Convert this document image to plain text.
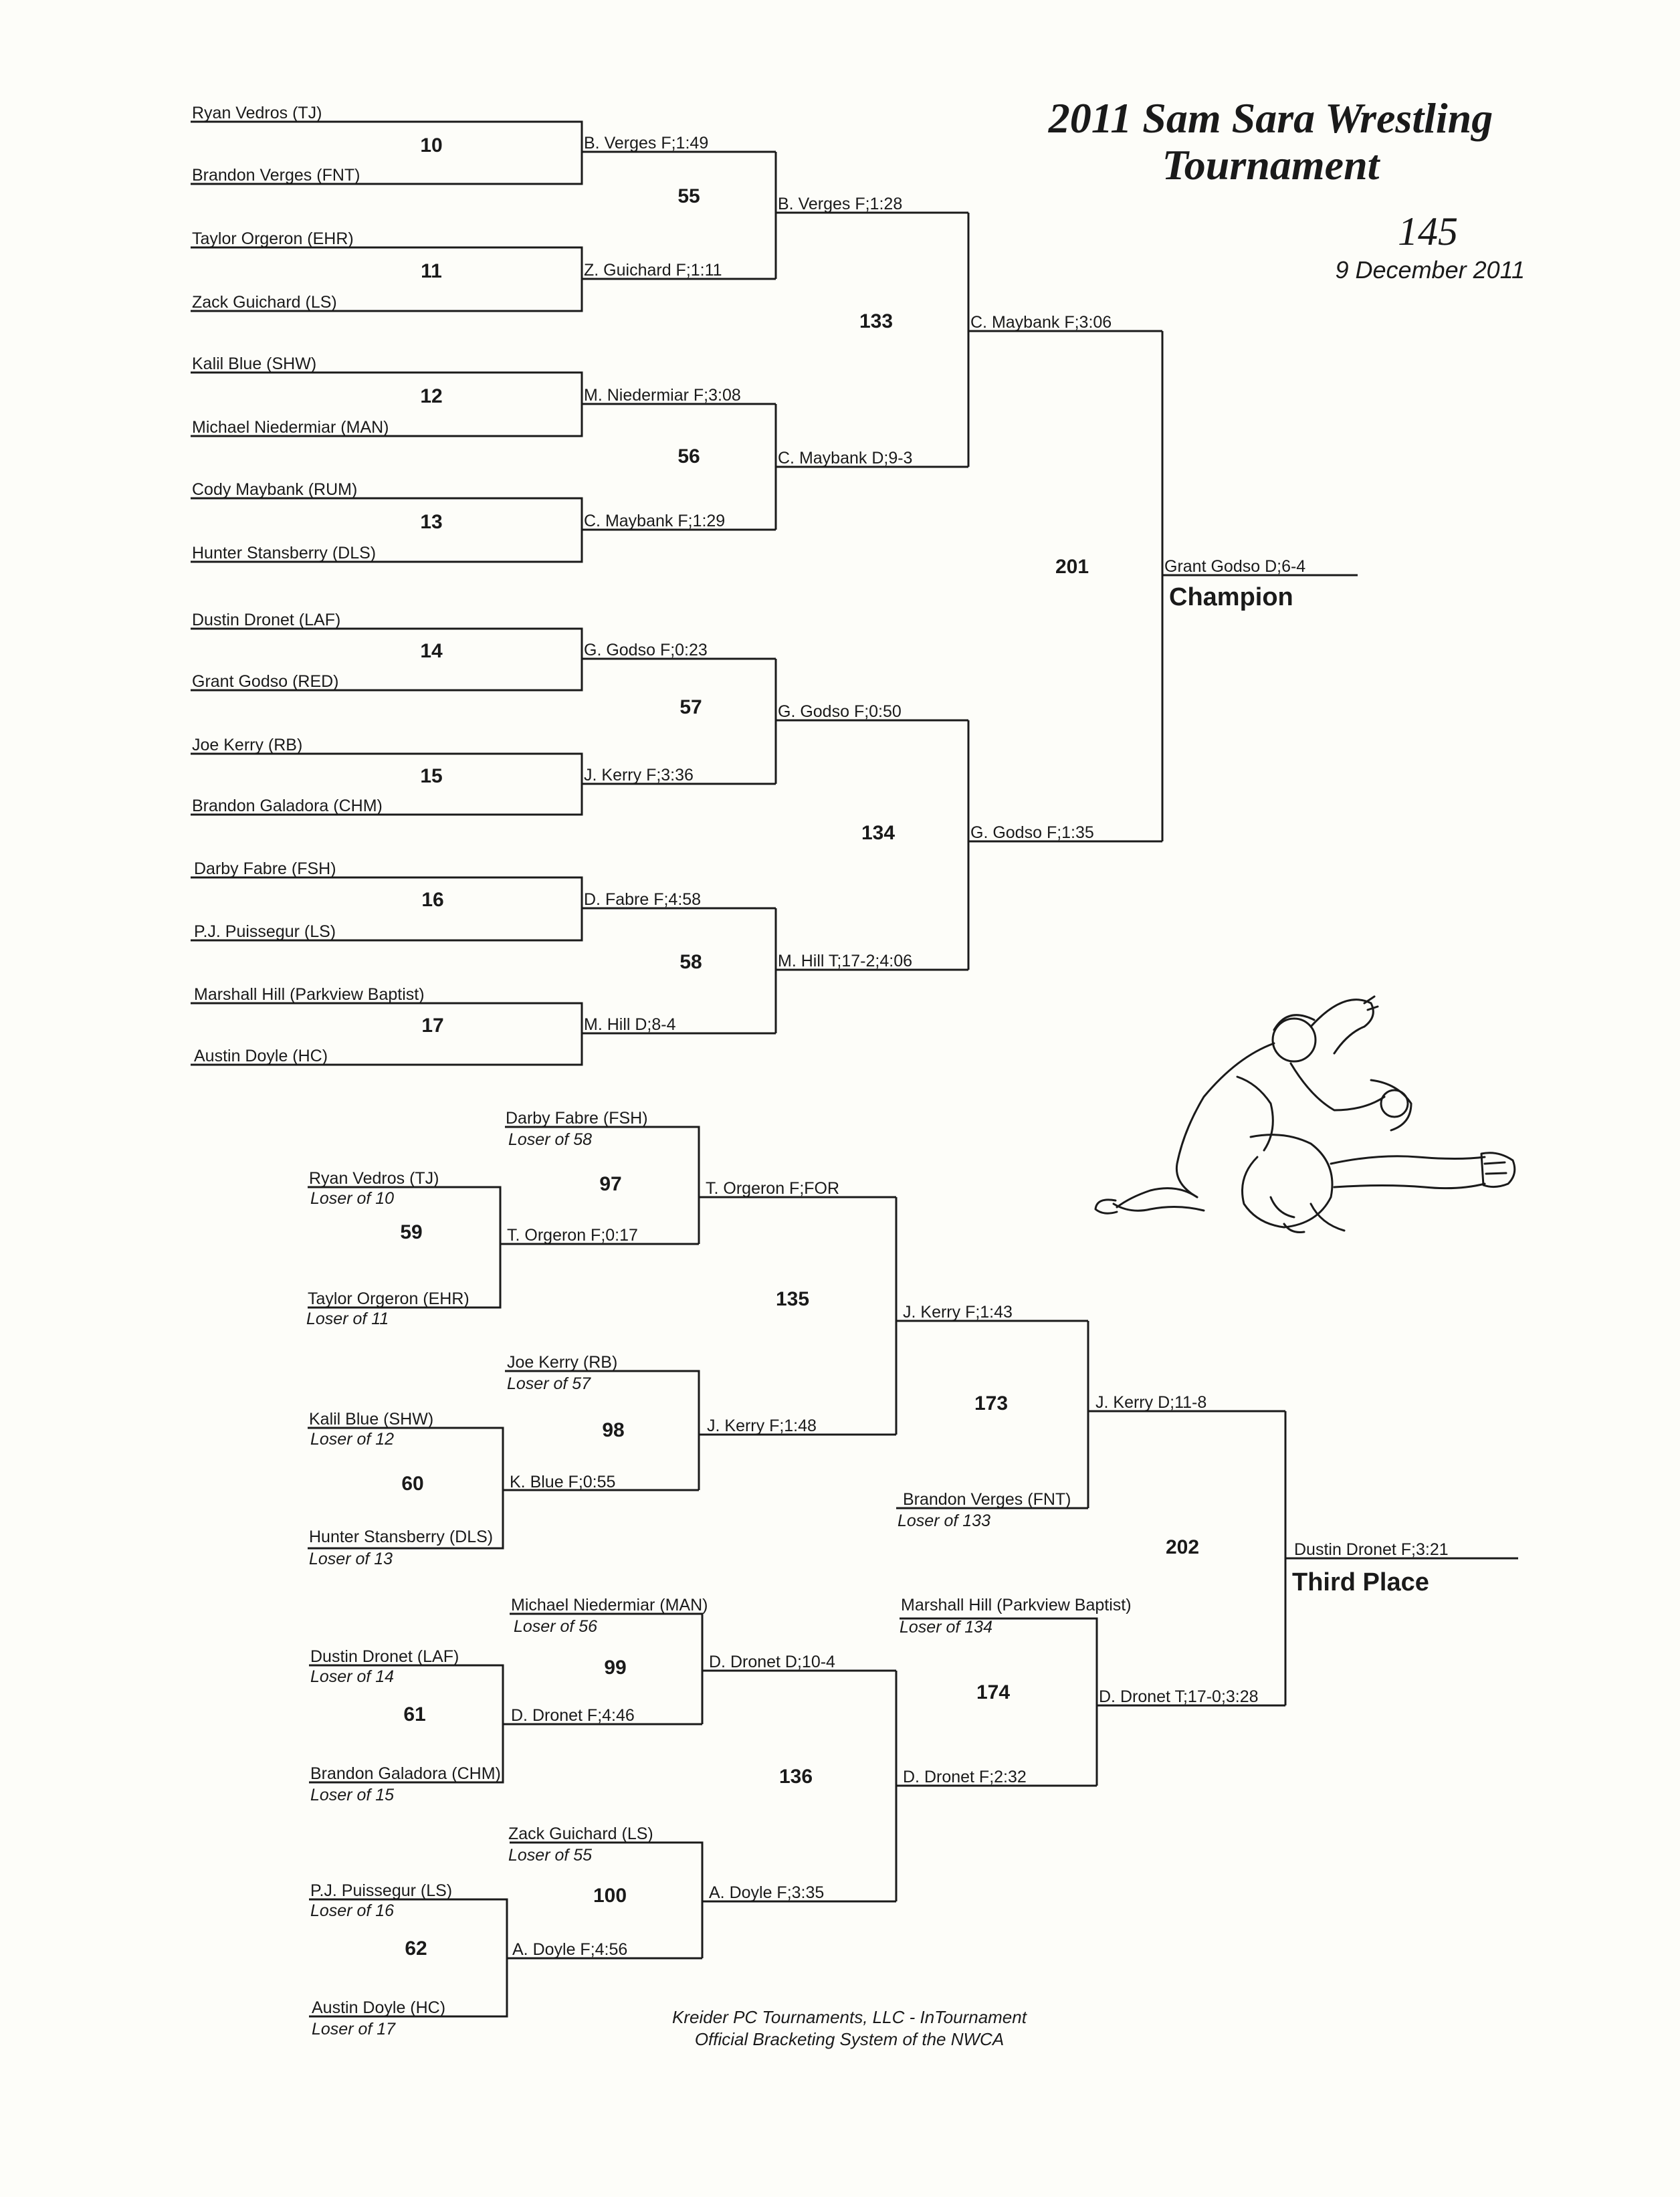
2011 Sam Sara Wrestling
Tournament
145
9 December 2011
Ryan Vedros (TJ)
Brandon Verges (FNT)
10	B. Verges F;1:49
Taylor Orgeron (EHR)
Zack Guichard (LS)
11	Z. Guichard F;1:11
Kalil Blue (SHW)
Michael Niedermiar (MAN)
12	M. Niedermiar F;3:08
Cody Maybank (RUM)
Hunter Stansberry (DLS)
13	C. Maybank F;1:29
Dustin Dronet (LAF)
Grant Godso (RED)
14	G. Godso F;0:23
Joe Kerry (RB)
Brandon Galadora (CHM)
15	J. Kerry F;3:36
Darby Fabre (FSH)
P.J. Puissegur (LS)
16	D. Fabre F;4:58
Marshall Hill (Parkview Baptist)
Austin Doyle (HC)
17	M. Hill D;8-4
55	B. Verges F;1:28
56	C. Maybank D;9-3
57	G. Godso F;0:50
58	M. Hill T;17-2;4:06
133	C. Maybank F;3:06
134	G. Godso F;1:35
201	Grant Godso D;6-4
Champion
Ryan Vedros (TJ)
Loser of 10
59	T. Orgeron F;0:17
Taylor Orgeron (EHR)
Loser of 11
Kalil Blue (SHW)
Loser of 12
60	K. Blue F;0:55
Hunter Stansberry (DLS)
Loser of 13
Dustin Dronet (LAF)
Loser of 14
61	D. Dronet F;4:46
Brandon Galadora (CHM)
Loser of 15
P.J. Puissegur (LS)
Loser of 16
62	A. Doyle F;4:56
Austin Doyle (HC)
Loser of 17
Darby Fabre (FSH)
Loser of 58
97	T. Orgeron F;FOR
Joe Kerry (RB)
Loser of 57
98	J. Kerry F;1:48
Michael Niedermiar (MAN)
Loser of 56
99	D. Dronet D;10-4
Zack Guichard (LS)
Loser of 55
100	A. Doyle F;3:35
135
J. Kerry F;1:43
136	D. Dronet F;2:32
Brandon Verges (FNT)
Loser of 133
173	J. Kerry D;11-8
Marshall Hill (Parkview Baptist)
Loser of 134
174	D. Dronet T;17-0;3:28
202	Dustin Dronet F;3:21
Third Place
Kreider PC Tournaments, LLC - InTournament
Official Bracketing System of the NWCA
